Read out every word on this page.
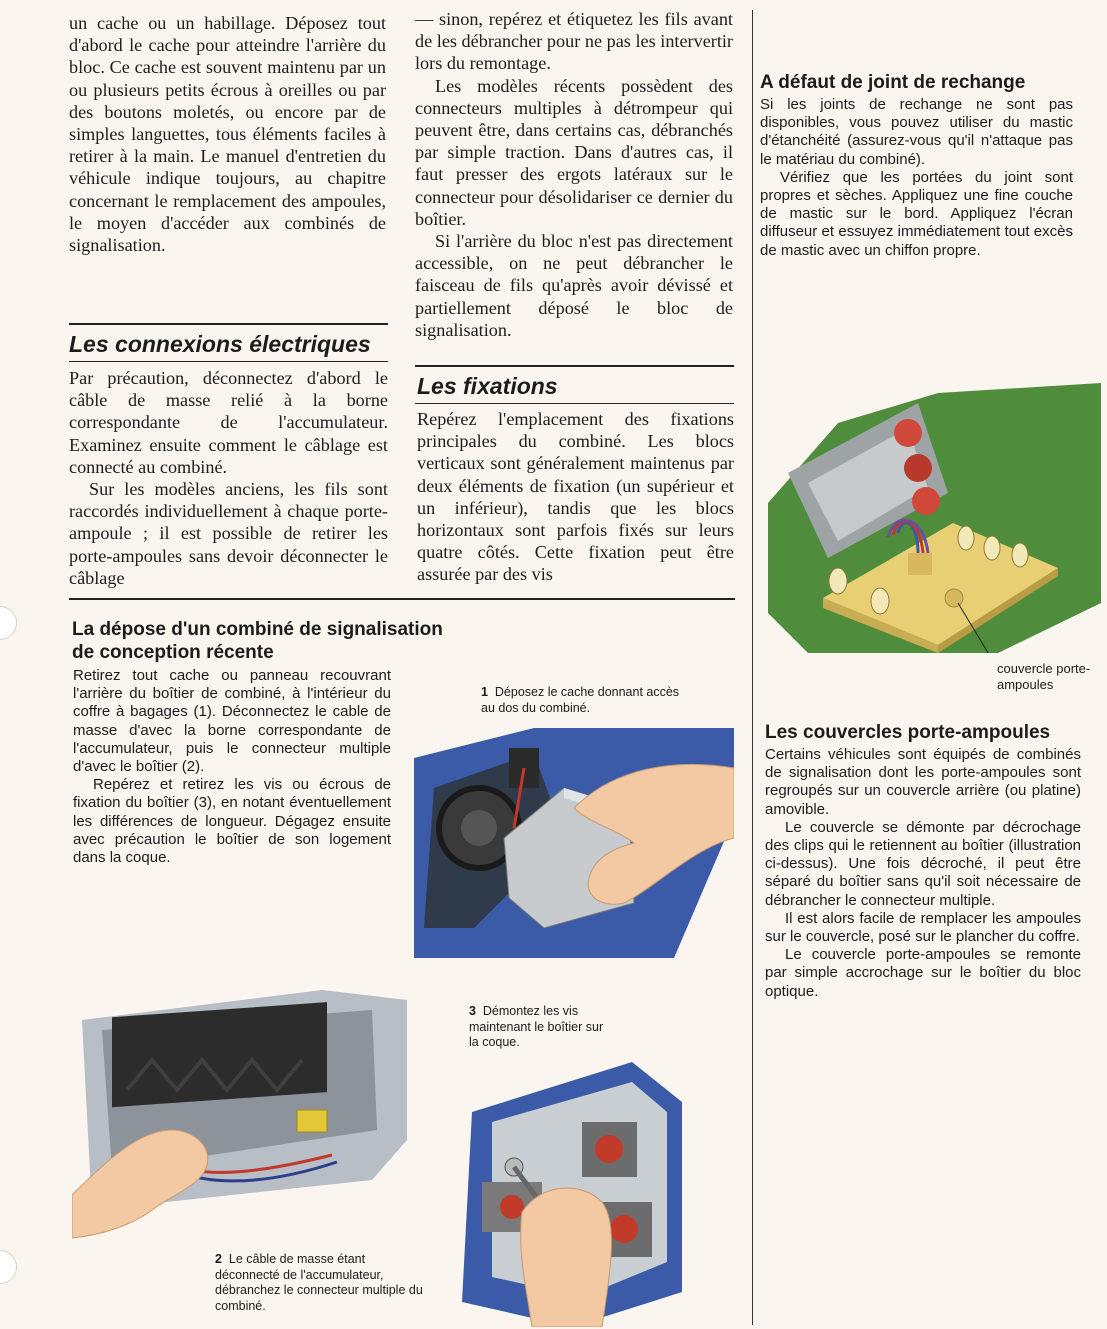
un cache ou un habillage. Déposez tout d'abord le cache pour atteindre l'arrière du bloc. Ce cache est souvent maintenu par un ou plusieurs petits écrous à oreilles ou par des boutons moletés, ou encore par de simples languettes, tous éléments faciles à retirer à la main. Le manuel d'entretien du véhicule indique toujours, au chapitre concernant le remplacement des ampoules, le moyen d'accéder aux combinés de signalisation.

Les connexions électriques

Par précaution, déconnectez d'abord le câble de masse relié à la borne correspondante de l'accumulateur. Examinez ensuite comment le câblage est connecté au combiné.

Sur les modèles anciens, les fils sont raccordés individuellement à chaque porte-ampoule ; il est possible de retirer les porte-ampoules sans devoir déconnecter le câblage

— sinon, repérez et étiquetez les fils avant de les débrancher pour ne pas les intervertir lors du remontage.

Les modèles récents possèdent des connecteurs multiples à détrompeur qui peuvent être, dans certains cas, débranchés par simple traction. Dans d'autres cas, il faut presser des ergots latéraux sur le connecteur pour désolidariser ce dernier du boîtier.

Si l'arrière du bloc n'est pas directement accessible, on ne peut débrancher le faisceau de fils qu'après avoir dévissé et partiellement déposé le bloc de signalisation.

Les fixations

Repérez l'emplacement des fixations principales du combiné. Les blocs verticaux sont généralement maintenus par deux éléments de fixation (un supérieur et un inférieur), tandis que les blocs horizontaux sont parfois fixés sur leurs quatre côtés. Cette fixation peut être assurée par des vis

A défaut de joint de rechange

Si les joints de rechange ne sont pas disponibles, vous pouvez utiliser du mastic d'étanchéité (assurez-vous qu'il n'attaque pas le matériau du combiné).

Vérifiez que les portées du joint sont propres et sèches. Appliquez une fine couche de mastic sur le bord. Appliquez l'écran diffuseur et essuyez immédiatement tout excès de mastic avec un chiffon propre.

couvercle porte-ampoules
Les couvercles porte-ampoules

Certains véhicules sont équipés de combinés de signalisation dont les porte-ampoules sont regroupés sur un couvercle arrière (ou platine) amovible.

Le couvercle se démonte par décrochage des clips qui le retiennent au boîtier (illustration ci-dessus). Une fois décroché, il peut être séparé du boîtier sans qu'il soit nécessaire de débrancher le connecteur multiple.

Il est alors facile de remplacer les ampoules sur le couvercle, posé sur le plancher du coffre.

Le couvercle porte-ampoules se remonte par simple accrochage sur le boîtier du bloc optique.

La dépose d'un combiné de signalisation
de conception récente

Retirez tout cache ou panneau recouvrant l'arrière du boîtier de combiné, à l'intérieur du coffre à bagages (1). Déconnectez le cable de masse d'avec la borne correspondante de l'accumulateur, puis le connecteur multiple d'avec le boîtier (2).

Repérez et retirez les vis ou écrous de fixation du boîtier (3), en notant éventuellement les différences de longueur. Dégagez ensuite avec précaution le boîtier de son logement dans la coque.

1 Déposez le cache donnant accès au dos du combiné.
3 Démontez les vis maintenant le boîtier sur la coque.
2 Le câble de masse étant déconnecté de l'accumulateur, débranchez le connecteur multiple du combiné.
